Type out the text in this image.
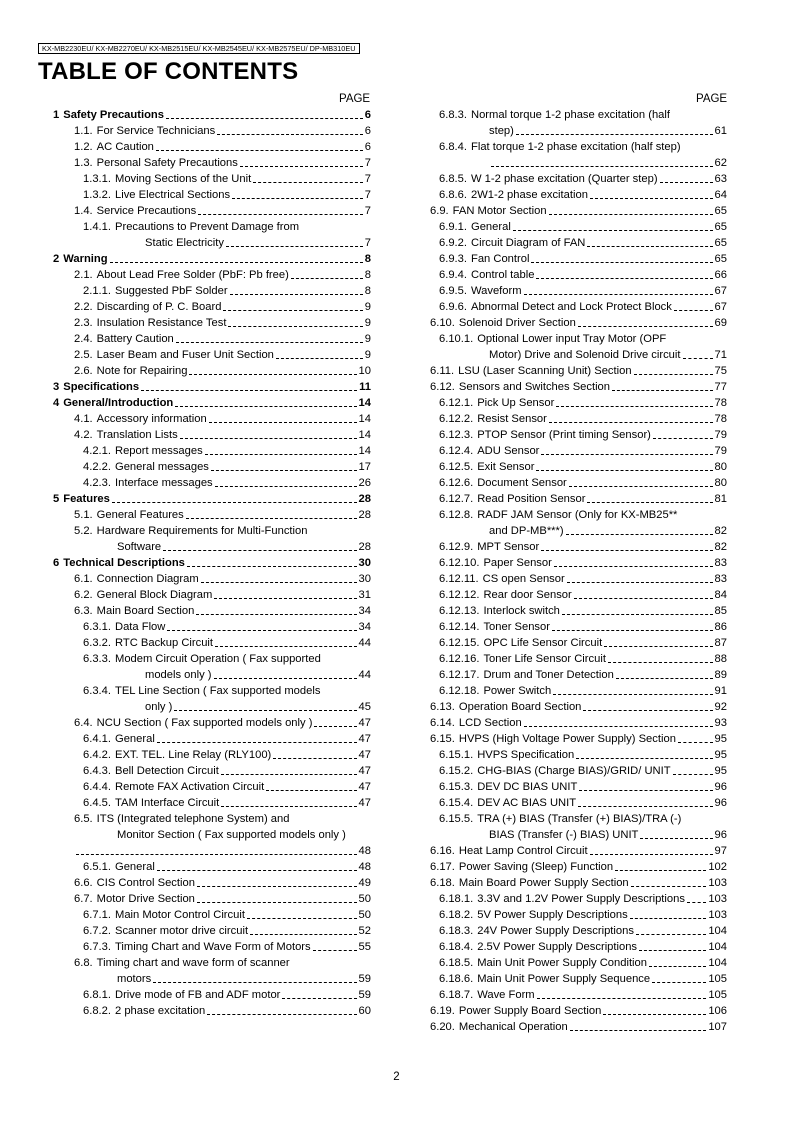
KX-MB2230EU/ KX-MB2270EU/ KX-MB2515EU/ KX-MB2545EU/ KX-MB2575EU/ DP-MB310EU
TABLE OF CONTENTS
PAGE	PAGE
1 Safety Precautions	6
1.1. For Service Technicians	6
1.2. AC Caution	6
1.3. Personal Safety Precautions	7
1.3.1. Moving Sections of the Unit	7
1.3.2. Live Electrical Sections	7
1.4. Service Precautions	7
1.4.1. Precautions to Prevent Damage from
Static Electricity	7
2 Warning	8
2.1. About Lead Free Solder (PbF: Pb free)	8
2.1.1. Suggested PbF Solder	8
2.2. Discarding of P. C. Board	9
2.3. Insulation Resistance Test	9
2.4. Battery Caution	9
2.5. Laser Beam and Fuser Unit Section	9
2.6. Note for Repairing	10
3 Specifications	11
4 General/Introduction	14
4.1. Accessory information	14
4.2. Translation Lists	14
4.2.1. Report messages	14
4.2.2. General messages	17
4.2.3. Interface messages	26
5 Features	28
5.1. General Features	28
5.2. Hardware Requirements for Multi-Function
Software	28
6 Technical Descriptions	30
6.1. Connection Diagram	30
6.2. General Block Diagram	31
6.3. Main Board Section	34
6.3.1. Data Flow	34
6.3.2. RTC Backup Circuit	44
6.3.3. Modem Circuit Operation ( Fax supported
models only )	44
6.3.4. TEL Line Section ( Fax supported models
only )	45
6.4. NCU Section ( Fax supported models only )	47
6.4.1. General	47
6.4.2. EXT. TEL. Line Relay (RLY100)	47
6.4.3. Bell Detection Circuit	47
6.4.4. Remote FAX Activation Circuit	47
6.4.5. TAM Interface Circuit	47
6.5. ITS (Integrated telephone System) and
Monitor Section ( Fax supported models only )
48
6.5.1. General	48
6.6. CIS Control Section	49
6.7. Motor Drive Section	50
6.7.1. Main Motor Control Circuit	50
6.7.2. Scanner motor drive circuit	52
6.7.3. Timing Chart and Wave Form of Motors	55
6.8. Timing chart and wave form of scanner
motors	59
6.8.1. Drive mode of FB and ADF motor	59
6.8.2. 2 phase excitation	60
6.8.3. Normal torque 1-2 phase excitation (half
step)	61
6.8.4. Flat torque 1-2 phase excitation (half step)
62
6.8.5. W 1-2 phase excitation (Quarter step)	63
6.8.6. 2W1-2 phase excitation	64
6.9. FAN Motor Section	65
6.9.1. General	65
6.9.2. Circuit Diagram of FAN	65
6.9.3. Fan Control	65
6.9.4. Control table	66
6.9.5. Waveform	67
6.9.6. Abnormal Detect and Lock Protect Block	67
6.10. Solenoid Driver Section	69
6.10.1. Optional Lower input Tray Motor (OPF
Motor) Drive and Solenoid Drive circuit	71
6.11. LSU (Laser Scanning Unit) Section	75
6.12. Sensors and Switches Section	77
6.12.1. Pick Up Sensor	78
6.12.2. Resist Sensor	78
6.12.3. PTOP Sensor (Print timing Sensor)	79
6.12.4. ADU Sensor	79
6.12.5. Exit Sensor	80
6.12.6. Document Sensor	80
6.12.7. Read Position Sensor	81
6.12.8. RADF JAM Sensor (Only for KX-MB25**
and DP-MB***)	82
6.12.9. MPT Sensor	82
6.12.10. Paper Sensor	83
6.12.11. CS open Sensor	83
6.12.12. Rear door Sensor	84
6.12.13. Interlock switch	85
6.12.14. Toner Sensor	86
6.12.15. OPC Life Sensor Circuit	87
6.12.16. Toner Life Sensor Circuit	88
6.12.17. Drum and Toner Detection	89
6.12.18. Power Switch	91
6.13. Operation Board Section	92
6.14. LCD Section	93
6.15. HVPS (High Voltage Power Supply) Section	95
6.15.1. HVPS Specification	95
6.15.2. CHG-BIAS (Charge BIAS)/GRID/ UNIT	95
6.15.3. DEV DC BIAS UNIT	96
6.15.4. DEV AC BIAS UNIT	96
6.15.5. TRA (+) BIAS (Transfer (+) BIAS)/TRA (-)
BIAS (Transfer (-) BIAS) UNIT	96
6.16. Heat Lamp Control Circuit	97
6.17. Power Saving (Sleep) Function	102
6.18. Main Board Power Supply Section	103
6.18.1. 3.3V and 1.2V Power Supply Descriptions 103
6.18.2. 5V Power Supply Descriptions	103
6.18.3. 24V Power Supply Descriptions	104
6.18.4. 2.5V Power Supply Descriptions	104
6.18.5. Main Unit Power Supply Condition	104
6.18.6. Main Unit Power Supply Sequence	105
6.18.7. Wave Form	105
6.19. Power Supply Board Section	106
6.20. Mechanical Operation	107
2
